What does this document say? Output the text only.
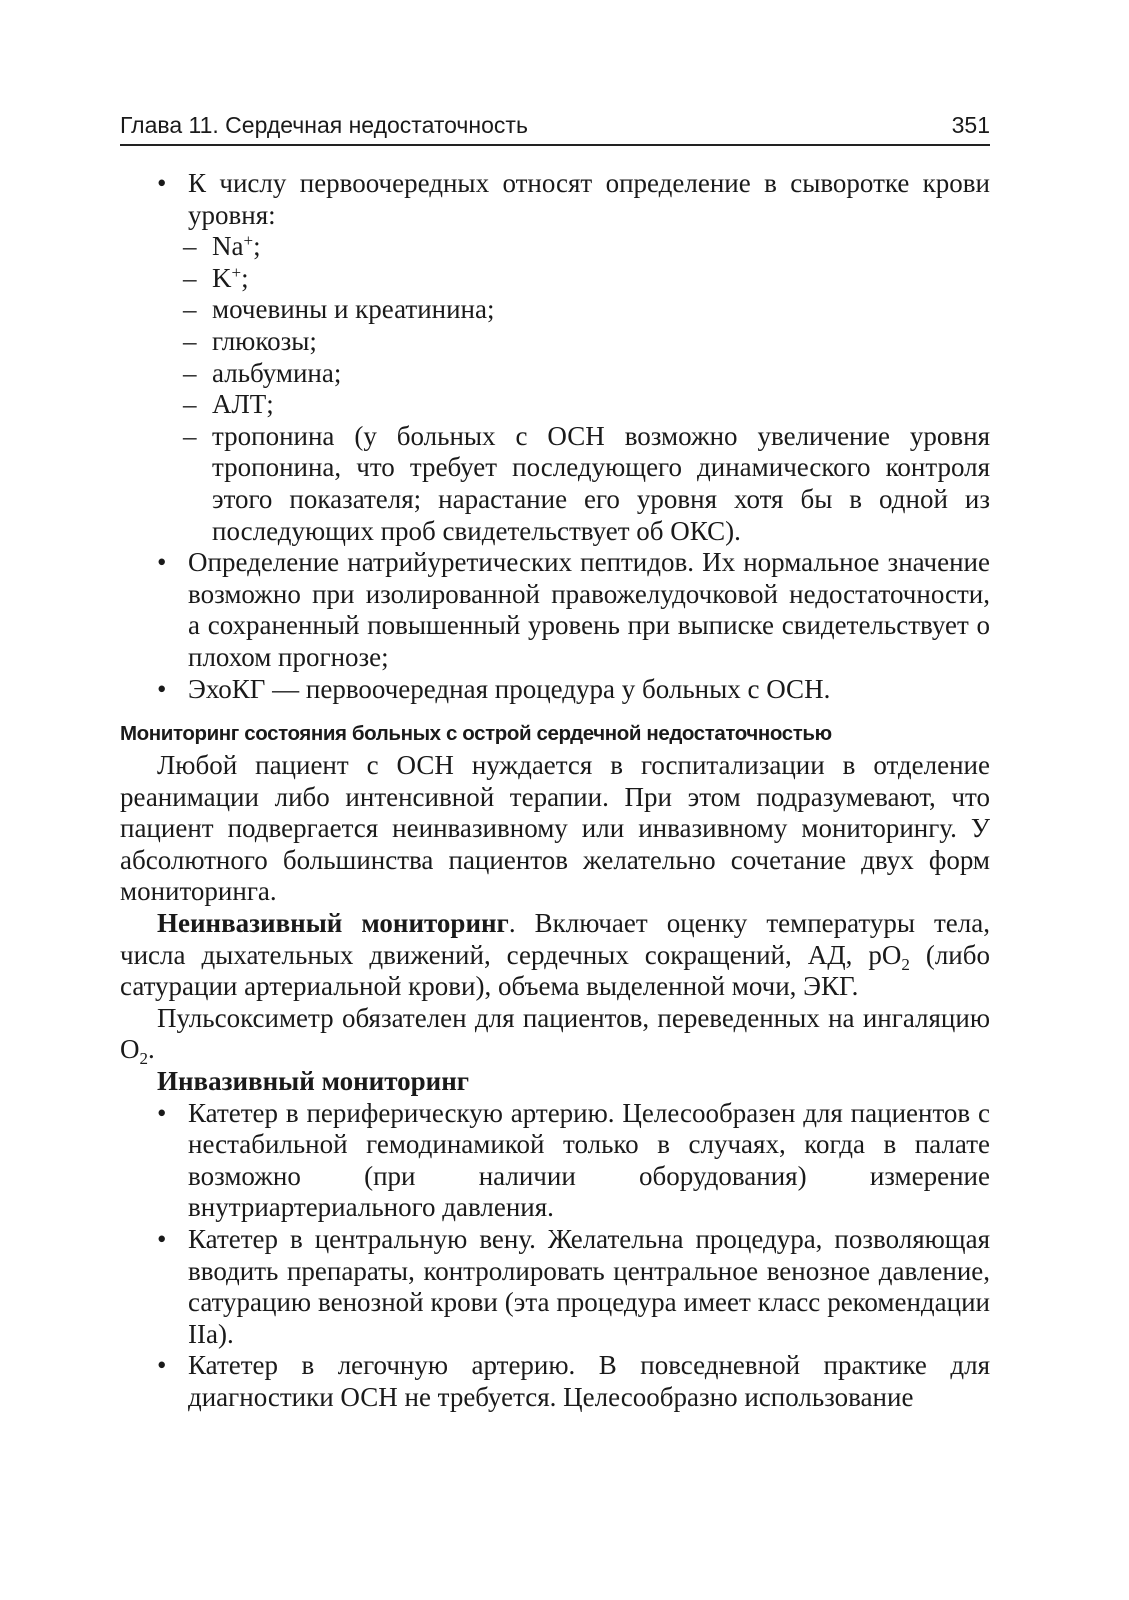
Глава 11. Сердечная недостаточность	351

• К числу первоочередных относят определение в сыворотке крови уровня:

– Na+;
– K+;
– мочевины и креатинина;
– глюкозы;
– альбумина;
– АЛТ;
– тропонина (у больных с ОСН возможно увеличение уровня тропонина, что требует последующего динамического контроля этого показателя; нарастание его уровня хотя бы в одной из последующих проб свидетельствует об ОКС).
• Определение натрийуретических пептидов. Их нормальное значение возможно при изолированной правожелудочковой недостаточности, а сохраненный повышенный уровень при выписке свидетельствует о плохом прогнозе;
• ЭхоКГ — первоочередная процедура у больных с ОСН.
Мониторинг состояния больных с острой сердечной недостаточностью

Любой пациент с ОСН нуждается в госпитализации в отделение реанимации либо интенсивной терапии. При этом подразумевают, что пациент подвергается неинвазивному или инвазивному мониторингу. У абсолютного большинства пациентов желательно сочетание двух форм мониторинга.

Неинвазивный мониторинг. Включает оценку температуры тела, числа дыхательных движений, сердечных сокращений, АД, $pO_2$ (либо сатурации артериальной крови), объема выделенной мочи, ЭКГ.

Пульсоксиметр обязателен для пациентов, переведенных на ингаляцию $O_2$.

Инвазивный мониторинг

• Катетер в периферическую артерию. Целесообразен для пациентов с нестабильной гемодинамикой только в случаях, когда в палате возможно (при наличии оборудования) измерение внутриартериального давления.
• Катетер в центральную вену. Желательна процедура, позволяющая вводить препараты, контролировать центральное венозное давление, сатурацию венозной крови (эта процедура имеет класс рекомендации IIa).
• Катетер в легочную артерию. В повседневной практике для диагностики ОСН не требуется. Целесообразно использование
